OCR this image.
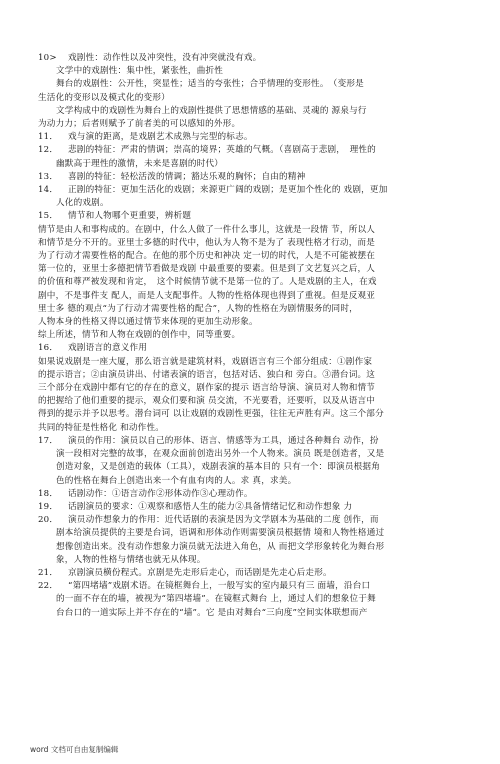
10> 戏剧性：动作性以及冲突性，没有冲突就没有戏。
文学中的戏剧性：集中性，紧张性，曲折性
舞台的戏剧性：公开性，突显性；适当的夸张性；合乎情理的变形性。　（变形是
生活化的变形以及模式化的变形）
文学构成中的戏剧性为舞台上的戏剧性提供了思想情感的基础、灵魂的 源泉与行
为动力力；后者则赋予了前者美的可以感知的外形。
11． 戏与演的距离，是戏剧艺术成熟与完型的标志。
12． 悲剧的特征：严肃的情调；崇高的境界；英雄的气概。（喜剧高于悲剧，　理性的
幽默高于理性的激情，未来是喜剧的时代）
13． 喜剧的特征：轻松活泼的情调；豁达乐观的胸怀；自由的精神
14． 正剧的特征：更加生活化的戏剧；来源更广阔的戏剧；是更加个性化的 戏剧，更加
人化的戏剧。
15． 情节和人物哪个更重要，辨析题
情节是由人和事构成的。在剧中，什么人做了一件什么事儿，这就是一段情 节，所以人
和情节是分不开的。亚里士多德的时代中，他认为人物不是为了 表现性格才行动，而是
为了行动才需要性格的配合。在他的那个历史和神决 定一切的时代，人是不可能被摆在
第一位的，亚里士多德把情节看做是戏剧 中最重要的要素。但是到了文艺复兴之后，人
的价值和尊严被发现和肯定，　这个时候情节就不是第一位的了。人是戏剧的主人，在戏
剧中，不是事件支 配人，而是人支配事件。人物的性格体现也得到了重视。但是反观亚
里士多 德的观点“为了行动才需要性格的配合”，人物的性格在为剧情服务的同时，
人物本身的性格又得以通过情节来体现的更加生动形象。
综上所述，情节和人物在戏剧的创作中，同等重要。
16． 戏剧语言的意义作用
如果说戏剧是一座大厦，那么语言就是建筑材料，戏剧语言有三个部分组成：①剧作家
的提示语言；②由演员讲出、付诸表演的语言，包括对话、独白和 旁白。③潜台词。这
三个部分在戏剧中都有它的存在的意义，剧作家的提示 语言给导演、演员对人物和情节
的把握给了他们重要的提示，观众们要和演 员交流，不光要看，还要听，以及从语言中
得到的提示并予以思考。潜台词可 以让戏剧的戏剧性更强，往往无声胜有声。这三个部分
共同的特征是性格化 和动作性。
17． 演员的作用：演员以自己的形体、语言、情感等为工具，通过各种舞台 动作，扮
演一段相对完整的故事，在观众面前创造出另外一个人物来。演员 既是创造者，又是
创造对象，又是创造的载体（工具），戏剧表演的基本目的 只有一个：即演员根据角
色的性格在舞台上创造出来一个有血有肉的人。求 真，求美。
18． 话剧动作：①语言动作②形体动作③心理动作。
19． 话剧演员的要求：①观察和感悟人生的能力②具备情绪记忆和动作想象 力
20． 演员动作想象力的作用：近代话剧的表演是因为文学剧本为基础的二度 创作，而
剧本给演员提供的主要是台词，语调和形体动作则需要演员根据情 境和人物性格通过
想像创造出来。没有动作想象力演员就无法进入角色，从 而把文学形象转化为舞台形
象，人物的性格与情绪也就无从体现。
21． 京剧演员横份程式。京剧是先走形后走心，而话剧是先走心后走形。
22． “第四堵墙”戏剧术语。在镜框舞台上，一般写实的室内最只有三 面墙，沿台口
的一面不存在的墙，被视为“第四堵墙”。在镜框式舞台 上，通过人们的想象位于舞
台台口的一道实际上并不存在的“墙”。它 是由对舞台“三向度”空间实体联想而产
word 文档可自由复制编辑
